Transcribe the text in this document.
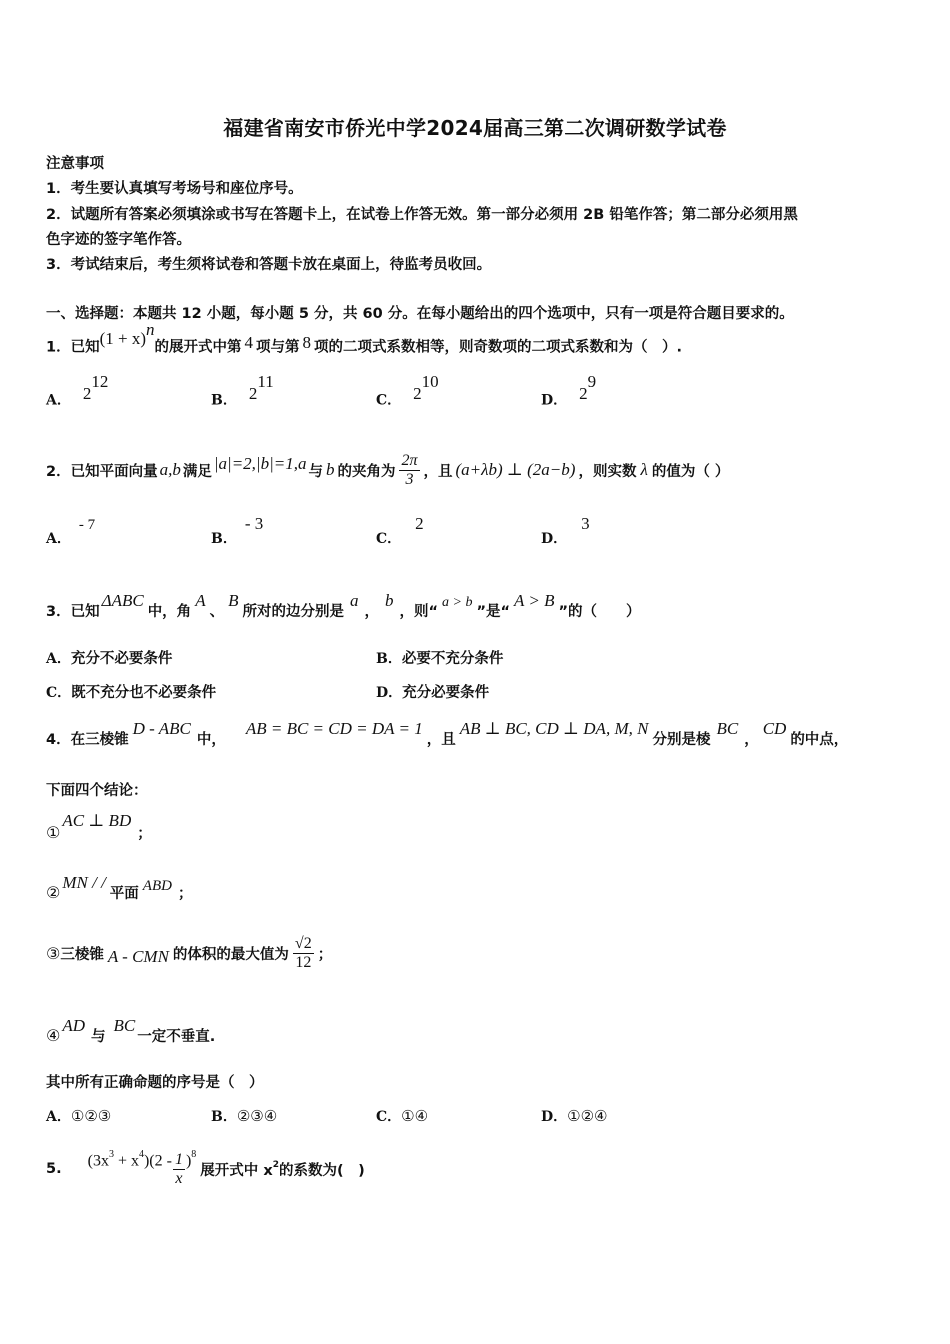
福建省南安市侨光中学2024届高三第二次调研数学试卷
注意事项
1．考生要认真填写考场号和座位序号。
2．试题所有答案必须填涂或书写在答题卡上，在试卷上作答无效。第一部分必须用 2B 铅笔作答；第二部分必须用黑
色字迹的签字笔作答。
3．考试结束后，考生须将试卷和答题卡放在桌面上，待监考员收回。
一、选择题：本题共 12 小题，每小题 5 分，共 60 分。在每小题给出的四个选项中，只有一项是符合题目要求的。
1．已知$(1 + x)^n$的展开式中第 4 项与第 8 项的二项式系数相等，则奇数项的二项式系数和为（　）.
A． $2^{12}$
B． $2^{11}$
C． $2^{10}$
D． $2^9$
2．已知平面向量 a,b 满足 |a|=2,|b|=1,a 与 b 的夹角为 $\frac{2\pi}{3}$ ，且 (a+λb) ⊥ (2a−b) ，则实数 λ 的值为（ ）
A．- 7
B．- 3
C．2
D．3
3．已知ΔABC中，角A、B所对的边分别是a，b，则“a > b”是“A > B”的（　　）
A．充分不必要条件	B．必要不充分条件
C．既不充分也不必要条件	D．充分必要条件
4．在三棱锥D - ABC中，AB = BC = CD = DA = 1，且AB ⊥ BC, CD ⊥ DA, M, N分别是棱BC，CD的中点，
下面四个结论：
①AC ⊥ BD；
②MN / /平面 ABD ；
③ 三棱锥 A - CMN 的体积的最大值为 $\frac{√2}{12}$ ；
④AD与BC一定不垂直.
其中所有正确命题的序号是（　）
A．①②③	B．②③④	C．①④	D．①②④
5. $(3x^3 + x^4)(2 - \frac{1}{x} )^8$
展开式中 $x^2$的系数为(　)
